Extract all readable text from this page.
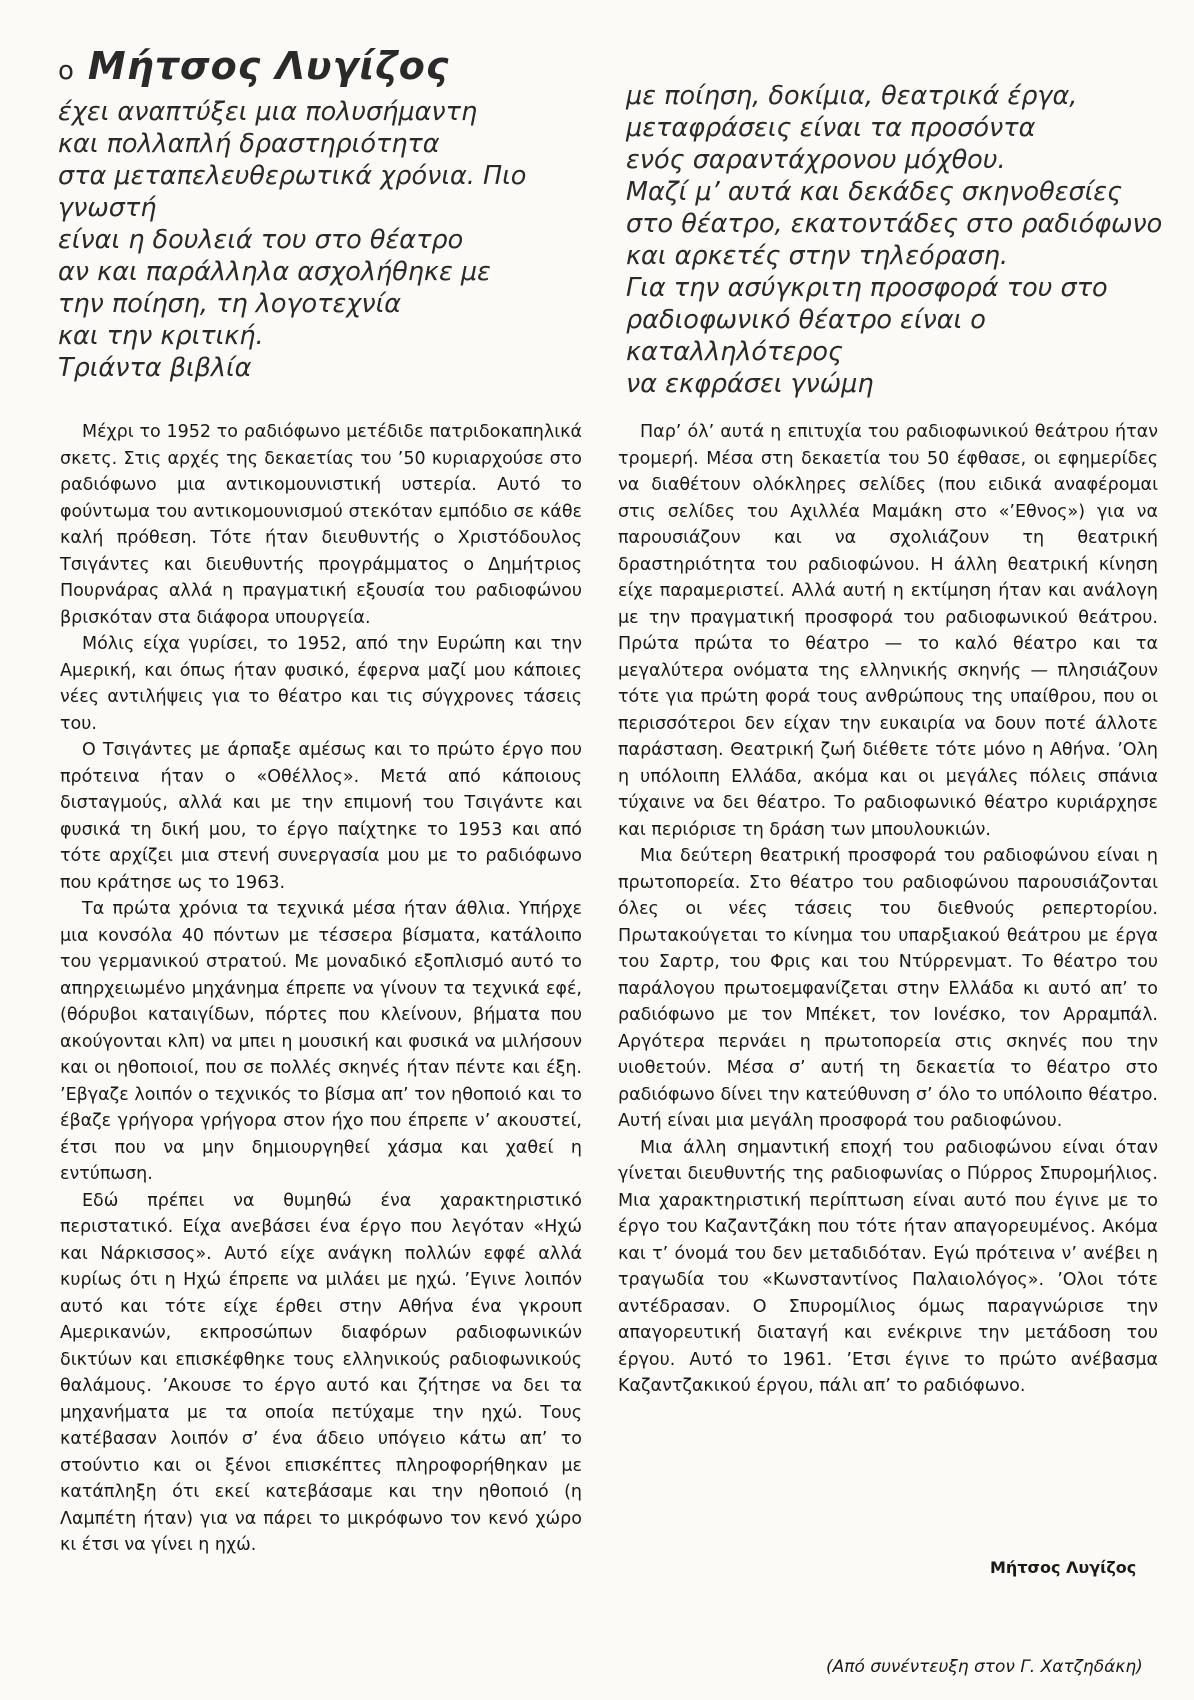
ο Μήτσος Λυγίζος

έχει αναπτύξει μια πολυσήμαντη

και πολλαπλή δραστηριότητα

στα μεταπελευθερωτικά χρόνια. Πιο γνωστή

είναι η δουλειά του στο θέατρο

αν και παράλληλα ασχολήθηκε με

την ποίηση, τη λογοτεχνία

και την κριτική.

Τριάντα βιβλία

με ποίηση, δοκίμια, θεατρικά έργα,

μεταφράσεις είναι τα προσόντα

ενός σαραντάχρονου μόχθου.

Μαζί μ’ αυτά και δεκάδες σκηνοθεσίες

στο θέατρο, εκατοντάδες στο ραδιόφωνο

και αρκετές στην τηλεόραση.

Για την ασύγκριτη προσφορά του στο

ραδιοφωνικό θέατρο είναι ο καταλληλότερος

να εκφράσει γνώμη

Μέχρι το 1952 το ραδιόφωνο μετέδιδε πατριδοκαπηλικά σκετς. Στις αρχές της δεκαετίας του ’50 κυριαρχούσε στο ραδιόφωνο μια αντικομουνιστική υστερία. Αυτό το φούντωμα του αντικομουνισμού στεκόταν εμπόδιο σε κάθε καλή πρόθεση. Τότε ήταν διευθυντής ο Χριστόδουλος Τσιγάντες και διευθυντής προγράμματος ο Δημήτριος Πουρνάρας αλλά η πραγματική εξουσία του ραδιοφώνου βρισκόταν στα διάφορα υπουργεία.

Μόλις είχα γυρίσει, το 1952, από την Ευρώπη και την Αμερική, και όπως ήταν φυσικό, έφερνα μαζί μου κάποιες νέες αντιλήψεις για το θέατρο και τις σύγχρονες τάσεις του.

Ο Τσιγάντες με άρπαξε αμέσως και το πρώτο έργο που πρότεινα ήταν ο «Οθέλλος». Μετά από κάποιους δισταγμούς, αλλά και με την επιμονή του Τσιγάντε και φυσικά τη δική μου, το έργο παίχτηκε το 1953 και από τότε αρχίζει μια στενή συνεργασία μου με το ραδιόφωνο που κράτησε ως το 1963.

Τα πρώτα χρόνια τα τεχνικά μέσα ήταν άθλια. Υπήρχε μια κονσόλα 40 πόντων με τέσσερα βίσματα, κατάλοιπο του γερμανικού στρατού. Με μοναδικό εξοπλισμό αυτό το απηρχειωμένο μηχάνημα έπρεπε να γίνουν τα τεχνικά εφέ, (θόρυβοι καταιγίδων, πόρτες που κλείνουν, βήματα που ακούγονται κλπ) να μπει η μουσική και φυσικά να μιλήσουν και οι ηθοποιοί, που σε πολλές σκηνές ήταν πέντε και έξη. ’Εβγαζε λοιπόν ο τεχνικός το βίσμα απ’ τον ηθοποιό και το έβαζε γρήγορα γρήγορα στον ήχο που έπρεπε ν’ ακουστεί, έτσι που να μην δημιουργηθεί χάσμα και χαθεί η εντύπωση.

Εδώ πρέπει να θυμηθώ ένα χαρακτηριστικό περιστατικό. Είχα ανεβάσει ένα έργο που λεγόταν «Ηχώ και Νάρκισσος». Αυτό είχε ανάγκη πολλών εφφέ αλλά κυρίως ότι η Ηχώ έπρεπε να μιλάει με ηχώ. ’Εγινε λοιπόν αυτό και τότε είχε έρθει στην Αθήνα ένα γκρουπ Αμερικανών, εκπροσώπων διαφόρων ραδιοφωνικών δικτύων και επισκέφθηκε τους ελληνικούς ραδιοφωνικούς θαλάμους. ’Ακουσε το έργο αυτό και ζήτησε να δει τα μηχανήματα με τα οποία πετύχαμε την ηχώ. Τους κατέβασαν λοιπόν σ’ ένα άδειο υπόγειο κάτω απ’ το στούντιο και οι ξένοι επισκέπτες πληροφορήθηκαν με κατάπληξη ότι εκεί κατεβάσαμε και την ηθοποιό (η Λαμπέτη ήταν) για να πάρει το μικρόφωνο τον κενό χώρο κι έτσι να γίνει η ηχώ.

Παρ’ όλ’ αυτά η επιτυχία του ραδιοφωνικού θεάτρου ήταν τρομερή. Μέσα στη δεκαετία του 50 έφθασε, οι εφημερίδες να διαθέτουν ολόκληρες σελίδες (που ειδικά αναφέρομαι στις σελίδες του Αχιλλέα Μαμάκη στο «’Εθνος») για να παρουσιάζουν και να σχολιάζουν τη θεατρική δραστηριότητα του ραδιοφώνου. Η άλλη θεατρική κίνηση είχε παραμεριστεί. Αλλά αυτή η εκτίμηση ήταν και ανάλογη με την πραγματική προσφορά του ραδιοφωνικού θεάτρου. Πρώτα πρώτα το θέατρο — το καλό θέατρο και τα μεγαλύτερα ονόματα της ελληνικής σκηνής — πλησιάζουν τότε για πρώτη φορά τους ανθρώπους της υπαίθρου, που οι περισσότεροι δεν είχαν την ευκαιρία να δουν ποτέ άλλοτε παράσταση. Θεατρική ζωή διέθετε τότε μόνο η Αθήνα. ’Ολη η υπόλοιπη Ελλάδα, ακόμα και οι μεγάλες πόλεις σπάνια τύχαινε να δει θέατρο. Το ραδιοφωνικό θέατρο κυριάρχησε και περιόρισε τη δράση των μπουλουκιών.

Μια δεύτερη θεατρική προσφορά του ραδιοφώνου είναι η πρωτοπορεία. Στο θέατρο του ραδιοφώνου παρουσιάζονται όλες οι νέες τάσεις του διεθνούς ρεπερτορίου. Πρωτακούγεται το κίνημα του υπαρξιακού θεάτρου με έργα του Σαρτρ, του Φρις και του Ντύρρενματ. Το θέατρο του παράλογου πρωτοεμφανίζεται στην Ελλάδα κι αυτό απ’ το ραδιόφωνο με τον Μπέκετ, τον Ιονέσκο, τον Αρραμπάλ. Αργότερα περνάει η πρωτοπορεία στις σκηνές που την υιοθετούν. Μέσα σ’ αυτή τη δεκαετία το θέατρο στο ραδιόφωνο δίνει την κατεύθυνση σ’ όλο το υπόλοιπο θέατρο. Αυτή είναι μια μεγάλη προσφορά του ραδιοφώνου.

Μια άλλη σημαντική εποχή του ραδιοφώνου είναι όταν γίνεται διευθυντής της ραδιοφωνίας ο Πύρρος Σπυρομήλιος. Μια χαρακτηριστική περίπτωση είναι αυτό που έγινε με το έργο του Καζαντζάκη που τότε ήταν απαγορευμένος. Ακόμα και τ’ όνομά του δεν μεταδιδόταν. Εγώ πρότεινα ν’ ανέβει η τραγωδία του «Κωνσταντίνος Παλαιολόγος». ’Ολοι τότε αντέδρασαν. Ο Σπυρομίλιος όμως παραγνώρισε την απαγορευτική διαταγή και ενέκρινε την μετάδοση του έργου. Αυτό το 1961. ’Ετσι έγινε το πρώτο ανέβασμα Καζαντζακικού έργου, πάλι απ’ το ραδιόφωνο.

Μήτσος Λυγίζος
(Από συνέντευξη στον Γ. Χατζηδάκη)
